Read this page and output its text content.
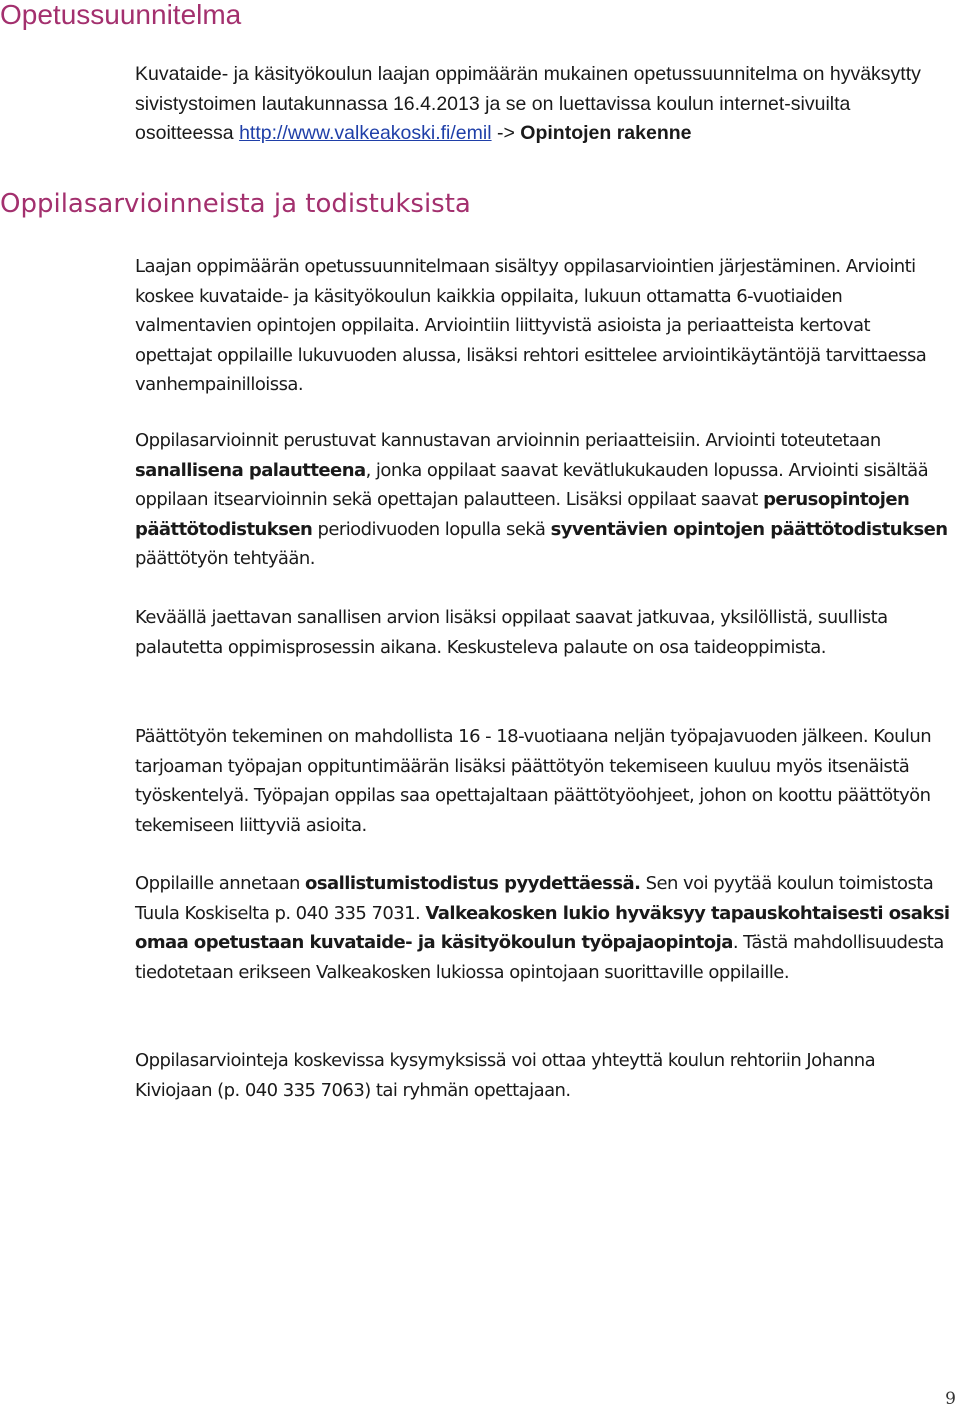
Opetussuunnitelma

Kuvataide- ja käsityökoulun laajan oppimäärän mukainen opetussuunnitelma on hyväksytty sivistystoimen lautakunnassa 16.4.2013 ja se on luettavissa koulun internet-sivuilta osoitteessa http://www.valkeakoski.fi/emil -> Opintojen rakenne

Oppilasarvioinneista ja todistuksista

Laajan oppimäärän opetussuunnitelmaan sisältyy oppilasarviointien järjestäminen. Arviointi koskee kuvataide- ja käsityökoulun kaikkia oppilaita, lukuun ottamatta 6-vuotiaiden valmentavien opintojen oppilaita. Arviointiin liittyvistä asioista ja periaatteista kertovat opettajat oppilaille lukuvuoden alussa, lisäksi rehtori esittelee arviointikäytäntöjä tarvittaessa vanhempainilloissa.

Oppilasarvioinnit perustuvat kannustavan arvioinnin periaatteisiin. Arviointi toteutetaan sanallisena palautteena, jonka oppilaat saavat kevätlukukauden lopussa. Arviointi sisältää oppilaan itsearvioinnin sekä opettajan palautteen. Lisäksi oppilaat saavat perusopintojen päättötodistuksen periodivuoden lopulla sekä syventävien opintojen päättötodistuksen päättötyön tehtyään.

Keväällä jaettavan sanallisen arvion lisäksi oppilaat saavat jatkuvaa, yksilöllistä, suullista palautetta oppimisprosessin aikana. Keskusteleva palaute on osa taideoppimista.

Päättötyön tekeminen on mahdollista 16 - 18-vuotiaana neljän työpajavuoden jälkeen. Koulun tarjoaman työpajan oppituntimäärän lisäksi päättötyön tekemiseen kuuluu myös itsenäistä työskentelyä. Työpajan oppilas saa opettajaltaan päättötyöohjeet, johon on koottu päättötyön tekemiseen liittyviä asioita.

Oppilaille annetaan osallistumistodistus pyydettäessä. Sen voi pyytää koulun toimistosta Tuula Koskiselta p. 040 335 7031. Valkeakosken lukio hyväksyy tapauskohtaisesti osaksi omaa opetustaan kuvataide- ja käsityökoulun työpajaopintoja. Tästä mahdollisuudesta tiedotetaan erikseen Valkeakosken lukiossa opintojaan suorittaville oppilaille.

Oppilasarviointeja koskevissa kysymyksissä voi ottaa yhteyttä koulun rehtoriin Johanna Kiviojaan (p. 040 335 7063) tai ryhmän opettajaan.

9
